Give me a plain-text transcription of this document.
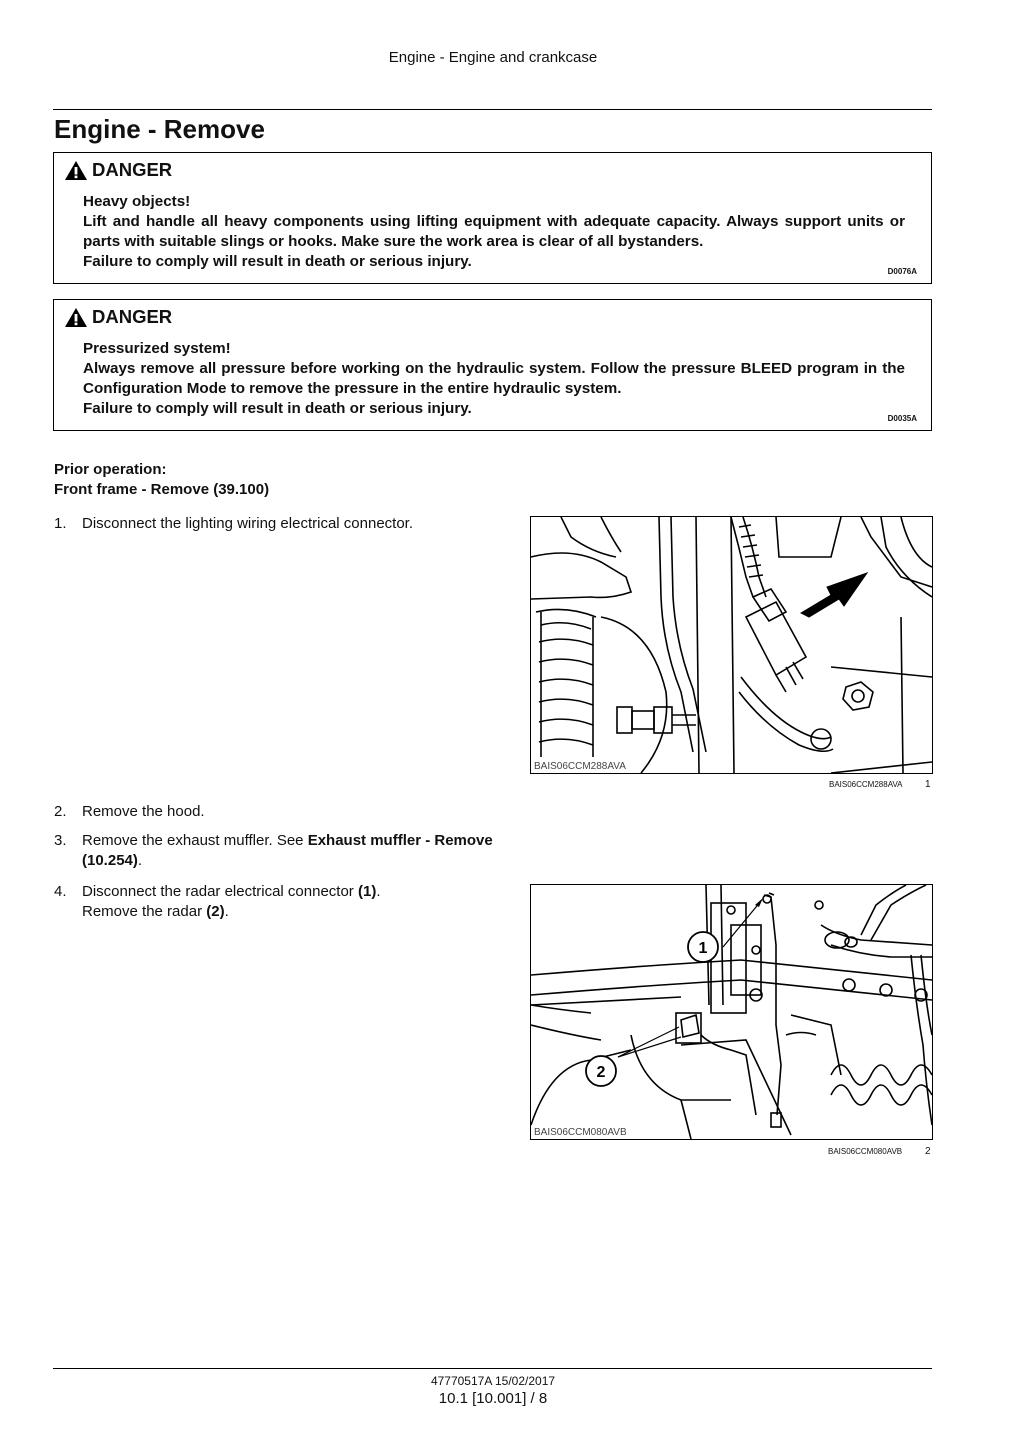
Engine - Engine and crankcase
Engine - Remove
DANGER
Heavy objects!
Lift and handle all heavy components using lifting equipment with adequate capacity. Always support units or parts with suitable slings or hooks. Make sure the work area is clear of all bystanders.
Failure to comply will result in death or serious injury.
D0076A
DANGER
Pressurized system!
Always remove all pressure before working on the hydraulic system. Follow the pressure BLEED program in the Configuration Mode to remove the pressure in the entire hydraulic system.
Failure to comply will result in death or serious injury.
D0035A
Prior operation:
Front frame - Remove (39.100)
1. Disconnect the lighting wiring electrical connector.
2. Remove the hood.
3. Remove the exhaust muffler. See Exhaust muffler - Remove (10.254).
4. Disconnect the radar electrical connector (1).
Remove the radar (2).
BAIS06CCM288AVA
BAIS06CCM288AVA 1
1
2
BAIS06CCM080AVB
BAIS06CCM080AVB 2
47770517A 15/02/2017
10.1 [10.001] / 8
